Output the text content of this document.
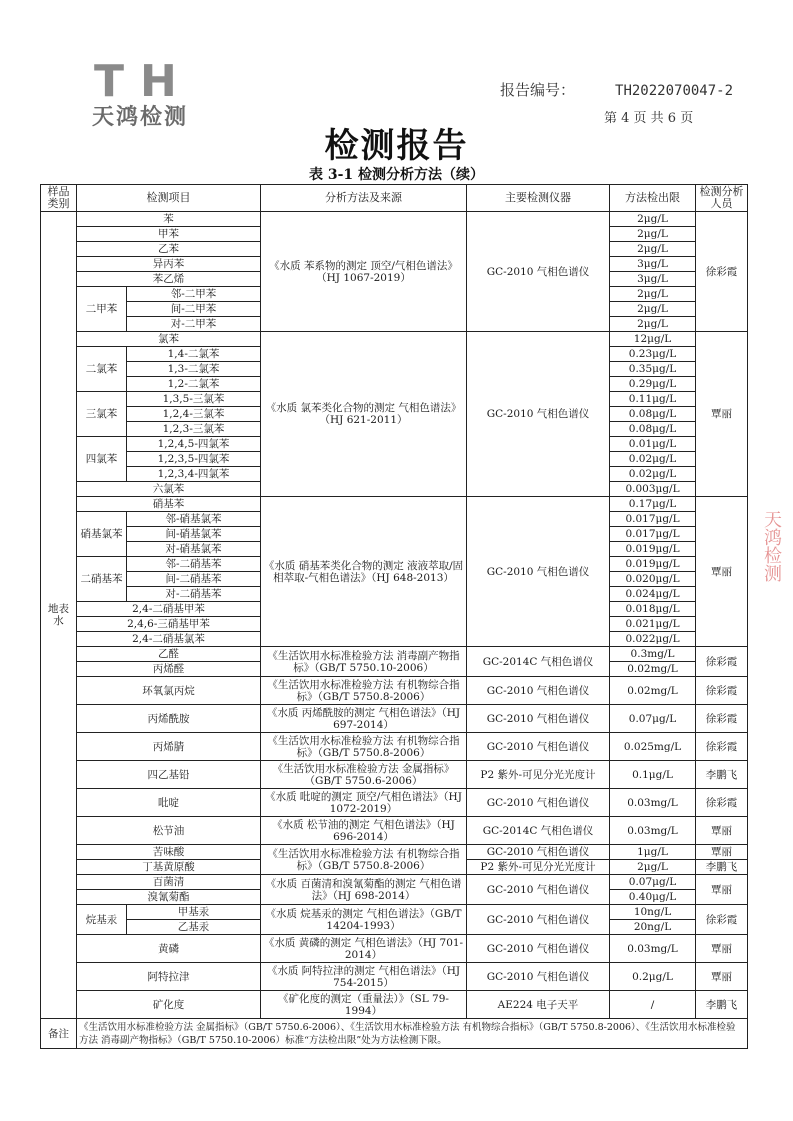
TH
天鸿检测
报告编号：	TH2022070047-2
第 4 页 共 6 页
检测报告
表 3-1 检测分析方法（续）
天鸿检测
样品类别	检测项目		分析方法及来源	主要检测仪器	方法检出限	检测分析人员
地表水	苯		《水质 苯系物的测定 顶空/气相色谱法》（HJ 1067-2019）	GC-2010 气相色谱仪	2μg/L	徐彩霞
	甲苯				2μg/L	
	乙苯				2μg/L	
	异丙苯				3μg/L	
	苯乙烯				3μg/L	
	二甲苯	邻-二甲苯			2μg/L	
		间-二甲苯			2μg/L	
		对-二甲苯			2μg/L	
	氯苯		《水质 氯苯类化合物的测定 气相色谱法》（HJ 621-2011）	GC-2010 气相色谱仪	12μg/L	覃丽
	二氯苯	1,4-二氯苯			0.23μg/L	
		1,3-二氯苯			0.35μg/L	
		1,2-二氯苯			0.29μg/L	
	三氯苯	1,3,5-三氯苯			0.11μg/L	
		1,2,4-三氯苯			0.08μg/L	
		1,2,3-三氯苯			0.08μg/L	
	四氯苯	1,2,4,5-四氯苯			0.01μg/L	
		1,2,3,5-四氯苯			0.02μg/L	
		1,2,3,4-四氯苯			0.02μg/L	
	六氯苯				0.003μg/L	
	硝基苯		《水质 硝基苯类化合物的测定 液液萃取/固相萃取-气相色谱法》（HJ 648-2013）	GC-2010 气相色谱仪	0.17μg/L	覃丽
	硝基氯苯	邻-硝基氯苯			0.017μg/L	
		间-硝基氯苯			0.017μg/L	
		对-硝基氯苯			0.019μg/L	
	二硝基苯	邻-二硝基苯			0.019μg/L	
		间-二硝基苯			0.020μg/L	
		对-二硝基苯			0.024μg/L	
	2,4-二硝基甲苯				0.018μg/L	
	2,4,6-三硝基甲苯				0.021μg/L	
	2,4-二硝基氯苯				0.022μg/L	
	乙醛		《生活饮用水标准检验方法 消毒副产物指标》（GB/T 5750.10-2006）	GC-2014C 气相色谱仪	0.3mg/L	徐彩霞
	丙烯醛				0.02mg/L	
	环氧氯丙烷		《生活饮用水标准检验方法 有机物综合指标》（GB/T 5750.8-2006）	GC-2010 气相色谱仪	0.02mg/L	徐彩霞
	丙烯酰胺		《水质 丙烯酰胺的测定 气相色谱法》（HJ 697-2014）	GC-2010 气相色谱仪	0.07μg/L	徐彩霞
	丙烯腈		《生活饮用水标准检验方法 有机物综合指标》（GB/T 5750.8-2006）	GC-2010 气相色谱仪	0.025mg/L	徐彩霞
	四乙基铅		《生活饮用水标准检验方法 金属指标》（GB/T 5750.6-2006）	P2 紫外-可见分光光度计	0.1μg/L	李鹏飞
	吡啶		《水质 吡啶的测定 顶空/气相色谱法》（HJ 1072-2019）	GC-2010 气相色谱仪	0.03mg/L	徐彩霞
	松节油		《水质 松节油的测定 气相色谱法》（HJ 696-2014）	GC-2014C 气相色谱仪	0.03mg/L	覃丽
	苦味酸		《生活饮用水标准检验方法 有机物综合指标》（GB/T 5750.8-2006）	GC-2010 气相色谱仪	1μg/L	覃丽
	丁基黄原酸			P2 紫外-可见分光光度计	2μg/L	李鹏飞
	百菌清		《水质 百菌清和溴氰菊酯的测定 气相色谱法》（HJ 698-2014）	GC-2010 气相色谱仪	0.07μg/L	覃丽
	溴氰菊酯				0.40μg/L	
	烷基汞	甲基汞	《水质 烷基汞的测定 气相色谱法》（GB/T 14204-1993）	GC-2010 气相色谱仪	10ng/L	徐彩霞
		乙基汞			20ng/L	
	黄磷		《水质 黄磷的测定 气相色谱法》（HJ 701-2014）	GC-2010 气相色谱仪	0.03mg/L	覃丽
	阿特拉津		《水质 阿特拉津的测定 气相色谱法》（HJ 754-2015）	GC-2010 气相色谱仪	0.2μg/L	覃丽
	矿化度		《矿化度的测定（重量法）》（SL 79-1994）	AE224 电子天平	/	李鹏飞
备注	《生活饮用水标准检验方法 金属指标》（GB/T 5750.6-2006）、《生活饮用水标准检验方法 有机物综合指标》（GB/T 5750.8-2006）、《生活饮用水标准检验方法 消毒副产物指标》（GB/T 5750.10-2006）标准“方法检出限”处为方法检测下限。					
